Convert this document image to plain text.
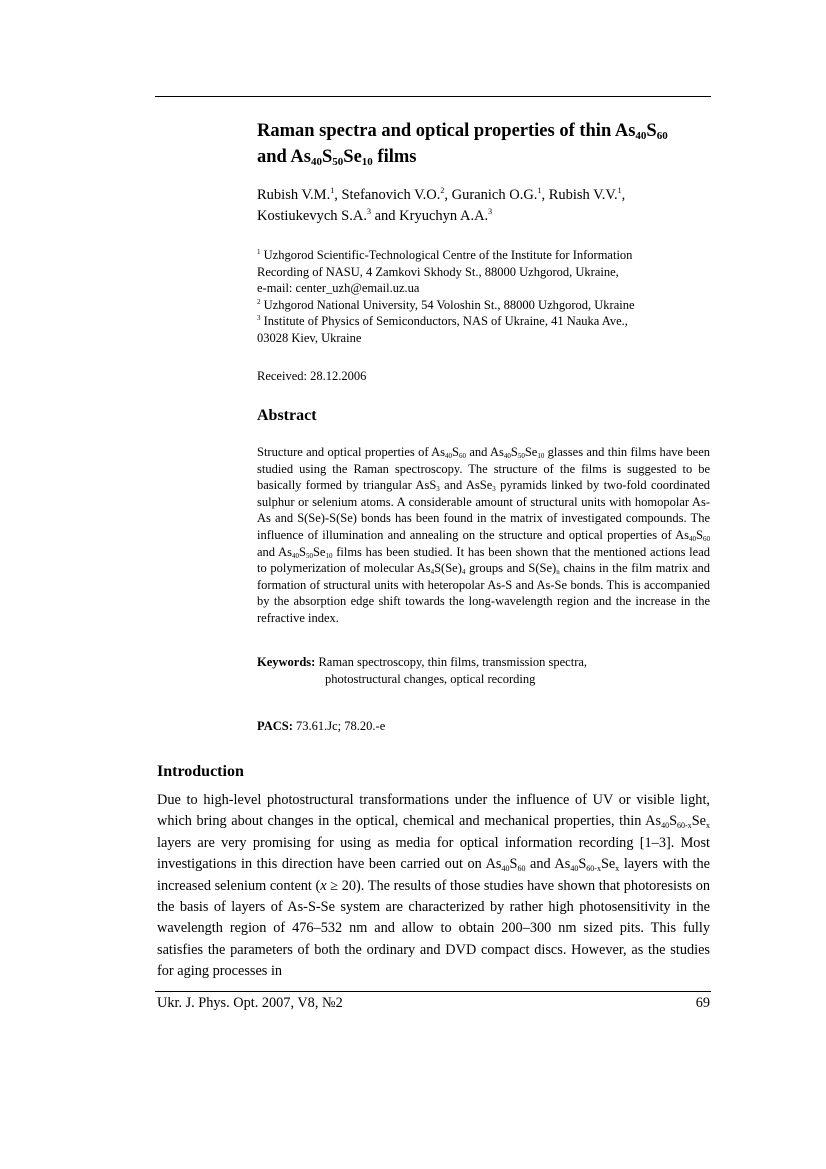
Raman spectra and optical properties of thin $As_{40}S_{60}$
and $As_{40}S_{50}Se_{10}$ films
Rubish V.M.$^1$, Stefanovich V.O.$^2$, Guranich O.G.$^1$, Rubish V.V.$^1$,
Kostiukevych S.A.$^3$ and Kryuchyn A.A.$^3$
$^1$ Uzhgorod Scientific-Technological Centre of the Institute for Information
Recording of NASU, 4 Zamkovi Skhody St., 88000 Uzhgorod, Ukraine,
e-mail: center_uzh@email.uz.ua
$^2$ Uzhgorod National University, 54 Voloshin St., 88000 Uzhgorod, Ukraine
$^3$ Institute of Physics of Semiconductors, NAS of Ukraine, 41 Nauka Ave.,
03028 Kiev, Ukraine
Received: 28.12.2006
Abstract

Structure and optical properties of $As_{40}S_{60}$ and $As_{40}S_{50}Se_{10}$ glasses and thin films have been studied using the Raman spectroscopy. The structure of the films is suggested to be basically formed by triangular AsS$_3$ and AsSe$_3$ pyramids linked by two-fold coordinated sulphur or selenium atoms. A considerable amount of structural units with homopolar As-As and S(Se)-S(Se) bonds has been found in the matrix of investigated compounds. The influence of illumination and annealing on the structure and optical properties of $As_{40}S_{60}$ and $As_{40}S_{50}Se_{10}$ films has been studied. It has been shown that the mentioned actions lead to polymerization of molecular $As_4S(Se)_4$ groups and $S(Se)_n$ chains in the film matrix and formation of structural units with heteropolar As-S and As-Se bonds. This is accompanied by the absorption edge shift towards the long-wavelength region and the increase in the refractive index.

Keywords: Raman spectroscopy, thin films, transmission spectra,
photostructural changes, optical recording
PACS: 73.61.Jc; 78.20.-e
Introduction

Due to high-level photostructural transformations under the influence of UV or visible light, which bring about changes in the optical, chemical and mechanical properties, thin $As_{40}S_{60-x}Se_x$ layers are very promising for using as media for optical information recording [1–3]. Most investigations in this direction have been carried out on $As_{40}S_{60}$ and $As_{40}S_{60-x}Se_x$ layers with the increased selenium content (x ≥ 20). The results of those studies have shown that photoresists on the basis of layers of As-S-Se system are characterized by rather high photosensitivity in the wavelength region of 476–532 nm and allow to obtain 200–300 nm sized pits. This fully satisfies the parameters of both the ordinary and DVD compact discs. However, as the studies for aging processes in

Ukr. J. Phys. Opt. 2007, V8, №2	69
